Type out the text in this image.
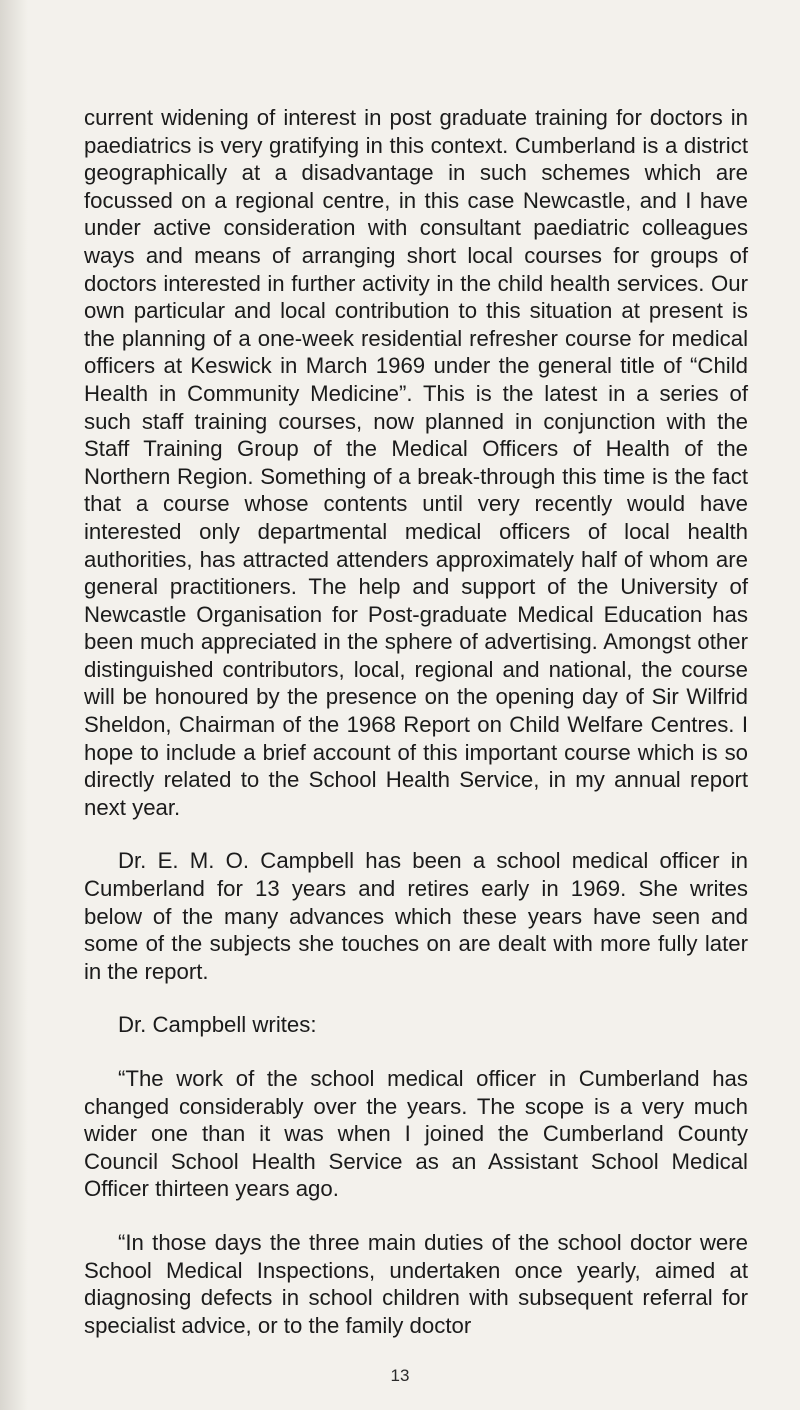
current widening of interest in post graduate training for doctors in paediatrics is very gratifying in this context. Cumberland is a district geographically at a disadvantage in such schemes which are focussed on a regional centre, in this case Newcastle, and I have under active consideration with consultant paediatric colleagues ways and means of arranging short local courses for groups of doctors interested in further activity in the child health services. Our own particular and local contribution to this situation at present is the planning of a one-week residential refresher course for medical officers at Keswick in March 1969 under the general title of “Child Health in Community Medicine”. This is the latest in a series of such staff training courses, now planned in conjunction with the Staff Training Group of the Medical Officers of Health of the Northern Region. Something of a break-through this time is the fact that a course whose contents until very recently would have interested only departmental medical officers of local health authorities, has attracted attenders approximately half of whom are general practitioners. The help and support of the University of Newcastle Organisation for Post-graduate Medical Education has been much appreciated in the sphere of advertising. Amongst other distinguished contributors, local, regional and national, the course will be honoured by the presence on the opening day of Sir Wilfrid Sheldon, Chairman of the 1968 Report on Child Welfare Centres. I hope to include a brief account of this important course which is so directly related to the School Health Service, in my annual report next year.

Dr. E. M. O. Campbell has been a school medical officer in Cumberland for 13 years and retires early in 1969. She writes below of the many advances which these years have seen and some of the subjects she touches on are dealt with more fully later in the report.

Dr. Campbell writes:

“The work of the school medical officer in Cumberland has changed considerably over the years. The scope is a very much wider one than it was when I joined the Cumberland County Council School Health Service as an Assistant School Medical Officer thirteen years ago.

“In those days the three main duties of the school doctor were School Medical Inspections, undertaken once yearly, aimed at diagnosing defects in school children with subsequent referral for specialist advice, or to the family doctor

13
